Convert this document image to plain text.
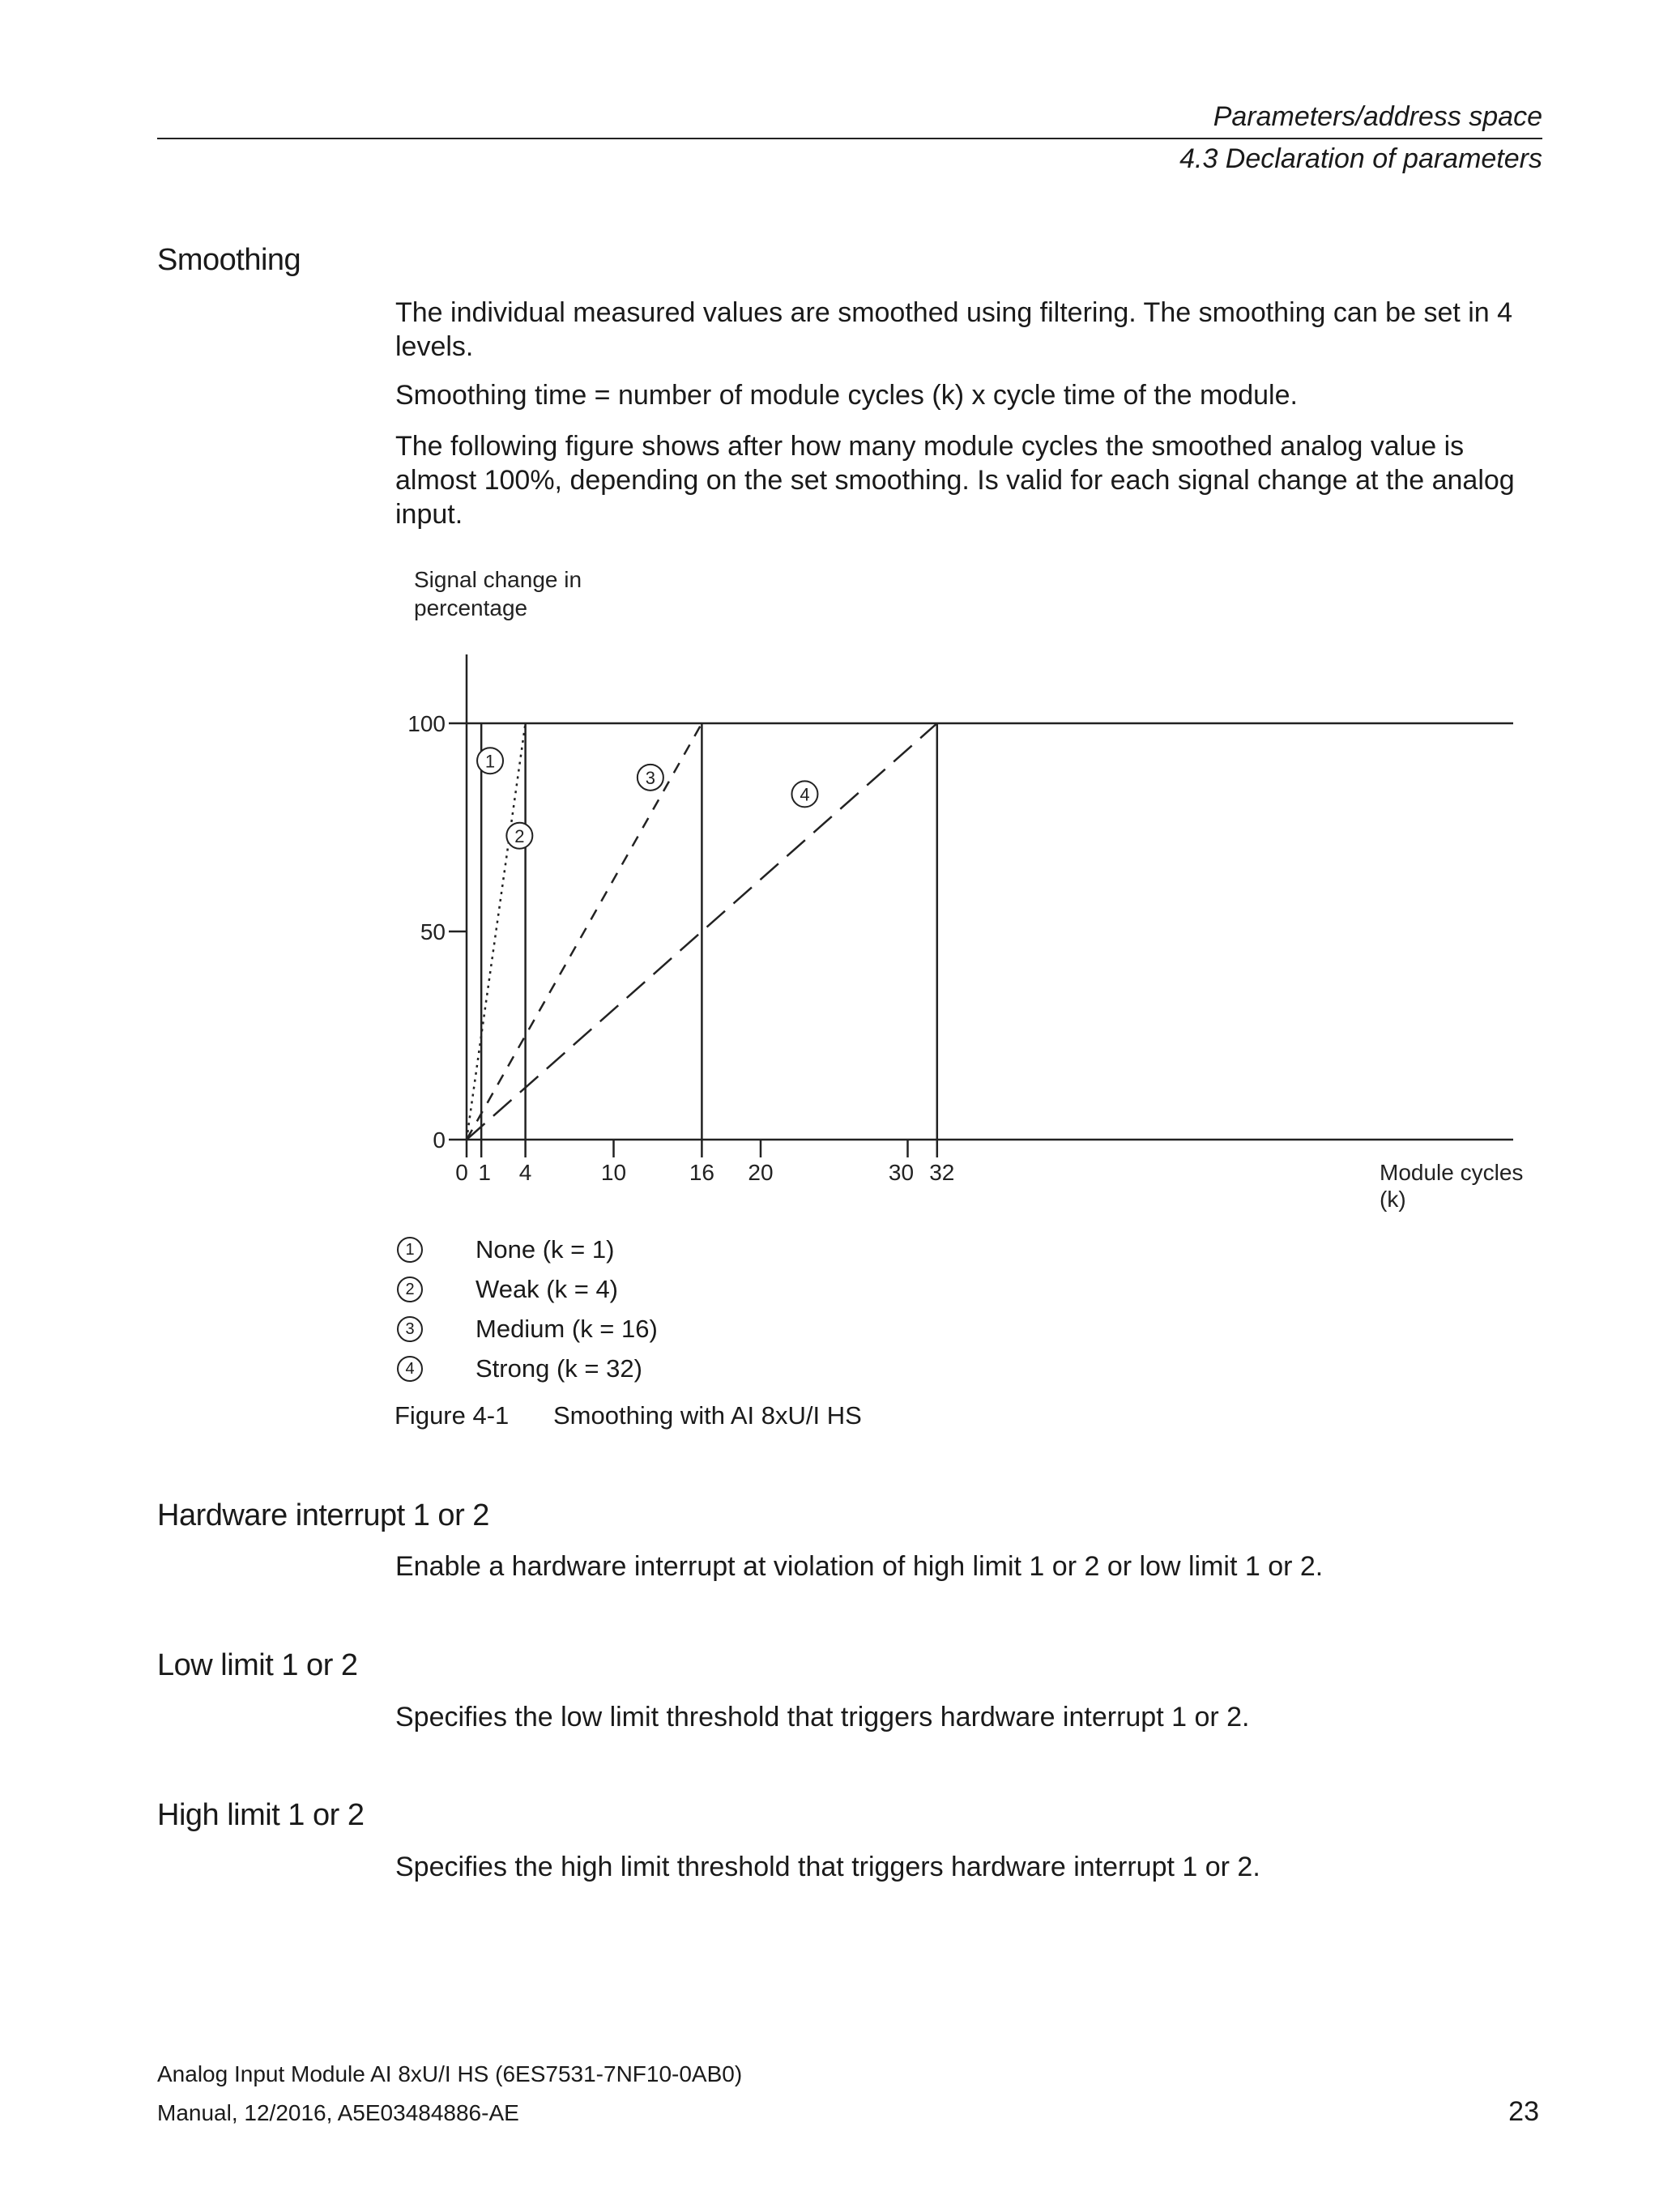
Parameters/address space
4.3 Declaration of parameters
Smoothing
The individual measured values are smoothed using filtering. The smoothing can be set in 4 levels.
Smoothing time = number of module cycles (k) x cycle time of the module.
The following figure shows after how many module cycles the smoothed analog value is almost 100%, depending on the set smoothing. Is valid for each signal change at the analog input.
Signal change in
percentage
Module cycles
(k)
1
2
3
4
0
50
100
0 1 4	10	16 20	30 32
1	None (k = 1)
2	Weak (k = 4)
3	Medium (k = 16)
4	Strong (k = 32)
Figure 4-1 Smoothing with AI 8xU/I HS
Hardware interrupt 1 or 2
Enable a hardware interrupt at violation of high limit 1 or 2 or low limit 1 or 2.
Low limit 1 or 2
Specifies the low limit threshold that triggers hardware interrupt 1 or 2.
High limit 1 or 2
Specifies the high limit threshold that triggers hardware interrupt 1 or 2.
Analog Input Module AI 8xU/I HS (6ES7531-7NF10-0AB0)
Manual, 12/2016, A5E03484886-AE	23
